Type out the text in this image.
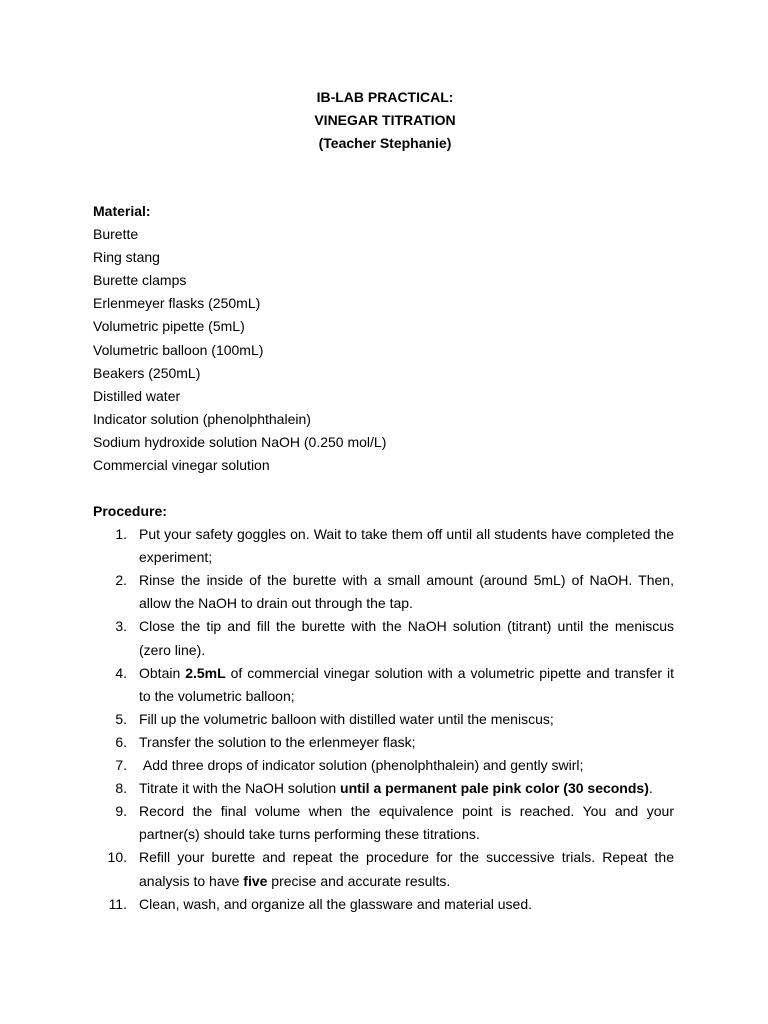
IB-LAB PRACTICAL:
VINEGAR TITRATION
(Teacher Stephanie)
Material:
Burette
Ring stang
Burette clamps
Erlenmeyer flasks (250mL)
Volumetric pipette (5mL)
Volumetric balloon (100mL)
Beakers (250mL)
Distilled water
Indicator solution (phenolphthalein)
Sodium hydroxide solution NaOH (0.250 mol/L)
Commercial vinegar solution
Procedure:
1. Put your safety goggles on. Wait to take them off until all students have completed the experiment;
2. Rinse the inside of the burette with a small amount (around 5mL) of NaOH. Then, allow the NaOH to drain out through the tap.
3. Close the tip and fill the burette with the NaOH solution (titrant) until the meniscus (zero line).
4. Obtain 2.5mL of commercial vinegar solution with a volumetric pipette and transfer it to the volumetric balloon;
5. Fill up the volumetric balloon with distilled water until the meniscus;
6. Transfer the solution to the erlenmeyer flask;
7. Add three drops of indicator solution (phenolphthalein) and gently swirl;
8. Titrate it with the NaOH solution until a permanent pale pink color (30 seconds).
9. Record the final volume when the equivalence point is reached. You and your partner(s) should take turns performing these titrations.
10. Refill your burette and repeat the procedure for the successive trials. Repeat the analysis to have five precise and accurate results.
11. Clean, wash, and organize all the glassware and material used.
